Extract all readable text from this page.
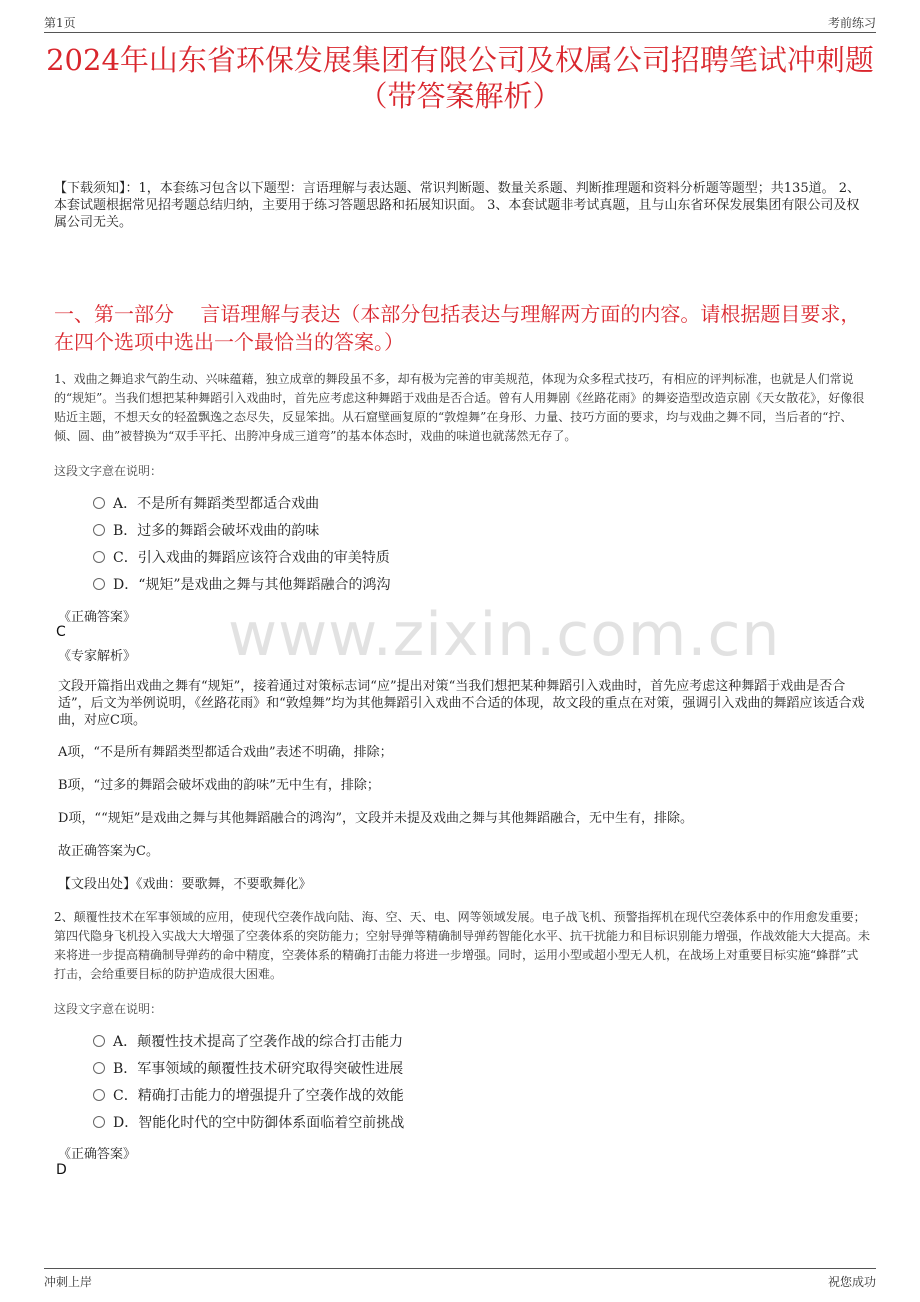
第1页	考前练习
2024年山东省环保发展集团有限公司及权属公司招聘笔试冲刺题（带答案解析）
【下载须知】：1，本套练习包含以下题型：言语理解与表达题、常识判断题、数量关系题、判断推理题和资料分析题等题型；共135道。 2、本套试题根据常见招考题总结归纳，主要用于练习答题思路和拓展知识面。 3、本套试题非考试真题，且与山东省环保发展集团有限公司及权属公司无关。
一、第一部分　 言语理解与表达（本部分包括表达与理解两方面的内容。请根据题目要求，在四个选项中选出一个最恰当的答案。）
1、戏曲之舞追求气韵生动、兴味蕴藉，独立成章的舞段虽不多，却有极为完善的审美规范，体现为众多程式技巧，有相应的评判标准，也就是人们常说的“规矩”。当我们想把某种舞蹈引入戏曲时，首先应考虑这种舞蹈于戏曲是否合适。曾有人用舞剧《丝路花雨》的舞姿造型改造京剧《天女散花》，好像很贴近主题，不想天女的轻盈飘逸之态尽失，反显笨拙。从石窟壁画复原的“敦煌舞”在身形、力量、技巧方面的要求，均与戏曲之舞不同，当后者的“拧、倾、圆、曲”被替换为“双手平托、出胯冲身成三道弯”的基本体态时，戏曲的味道也就荡然无存了。
这段文字意在说明：
A．不是所有舞蹈类型都适合戏曲
B．过多的舞蹈会破坏戏曲的韵味
C．引入戏曲的舞蹈应该符合戏曲的审美特质
D．“规矩”是戏曲之舞与其他舞蹈融合的鸿沟
www.zixin.com.cn
《正确答案》
C
《专家解析》
文段开篇指出戏曲之舞有“规矩”，接着通过对策标志词“应”提出对策“当我们想把某种舞蹈引入戏曲时，首先应考虑这种舞蹈于戏曲是否合适”，后文为举例说明，《丝路花雨》和“敦煌舞”均为其他舞蹈引入戏曲不合适的体现，故文段的重点在对策，强调引入戏曲的舞蹈应该适合戏曲，对应C项。
A项，“不是所有舞蹈类型都适合戏曲”表述不明确，排除；
B项，“过多的舞蹈会破坏戏曲的韵味”无中生有，排除；
D项，““规矩”是戏曲之舞与其他舞蹈融合的鸿沟”，文段并未提及戏曲之舞与其他舞蹈融合，无中生有，排除。
故正确答案为C。
【文段出处】《戏曲：要歌舞，不要歌舞化》
2、颠覆性技术在军事领域的应用，使现代空袭作战向陆、海、空、天、电、网等领域发展。电子战飞机、预警指挥机在现代空袭体系中的作用愈发重要；第四代隐身飞机投入实战大大增强了空袭体系的突防能力；空射导弹等精确制导弹药智能化水平、抗干扰能力和目标识别能力增强，作战效能大大提高。未来将进一步提高精确制导弹药的命中精度，空袭体系的精确打击能力将进一步增强。同时，运用小型或超小型无人机，在战场上对重要目标实施“蜂群”式打击，会给重要目标的防护造成很大困难。
这段文字意在说明：
A．颠覆性技术提高了空袭作战的综合打击能力
B．军事领域的颠覆性技术研究取得突破性进展
C．精确打击能力的增强提升了空袭作战的效能
D．智能化时代的空中防御体系面临着空前挑战
《正确答案》
D
冲刺上岸	祝您成功
